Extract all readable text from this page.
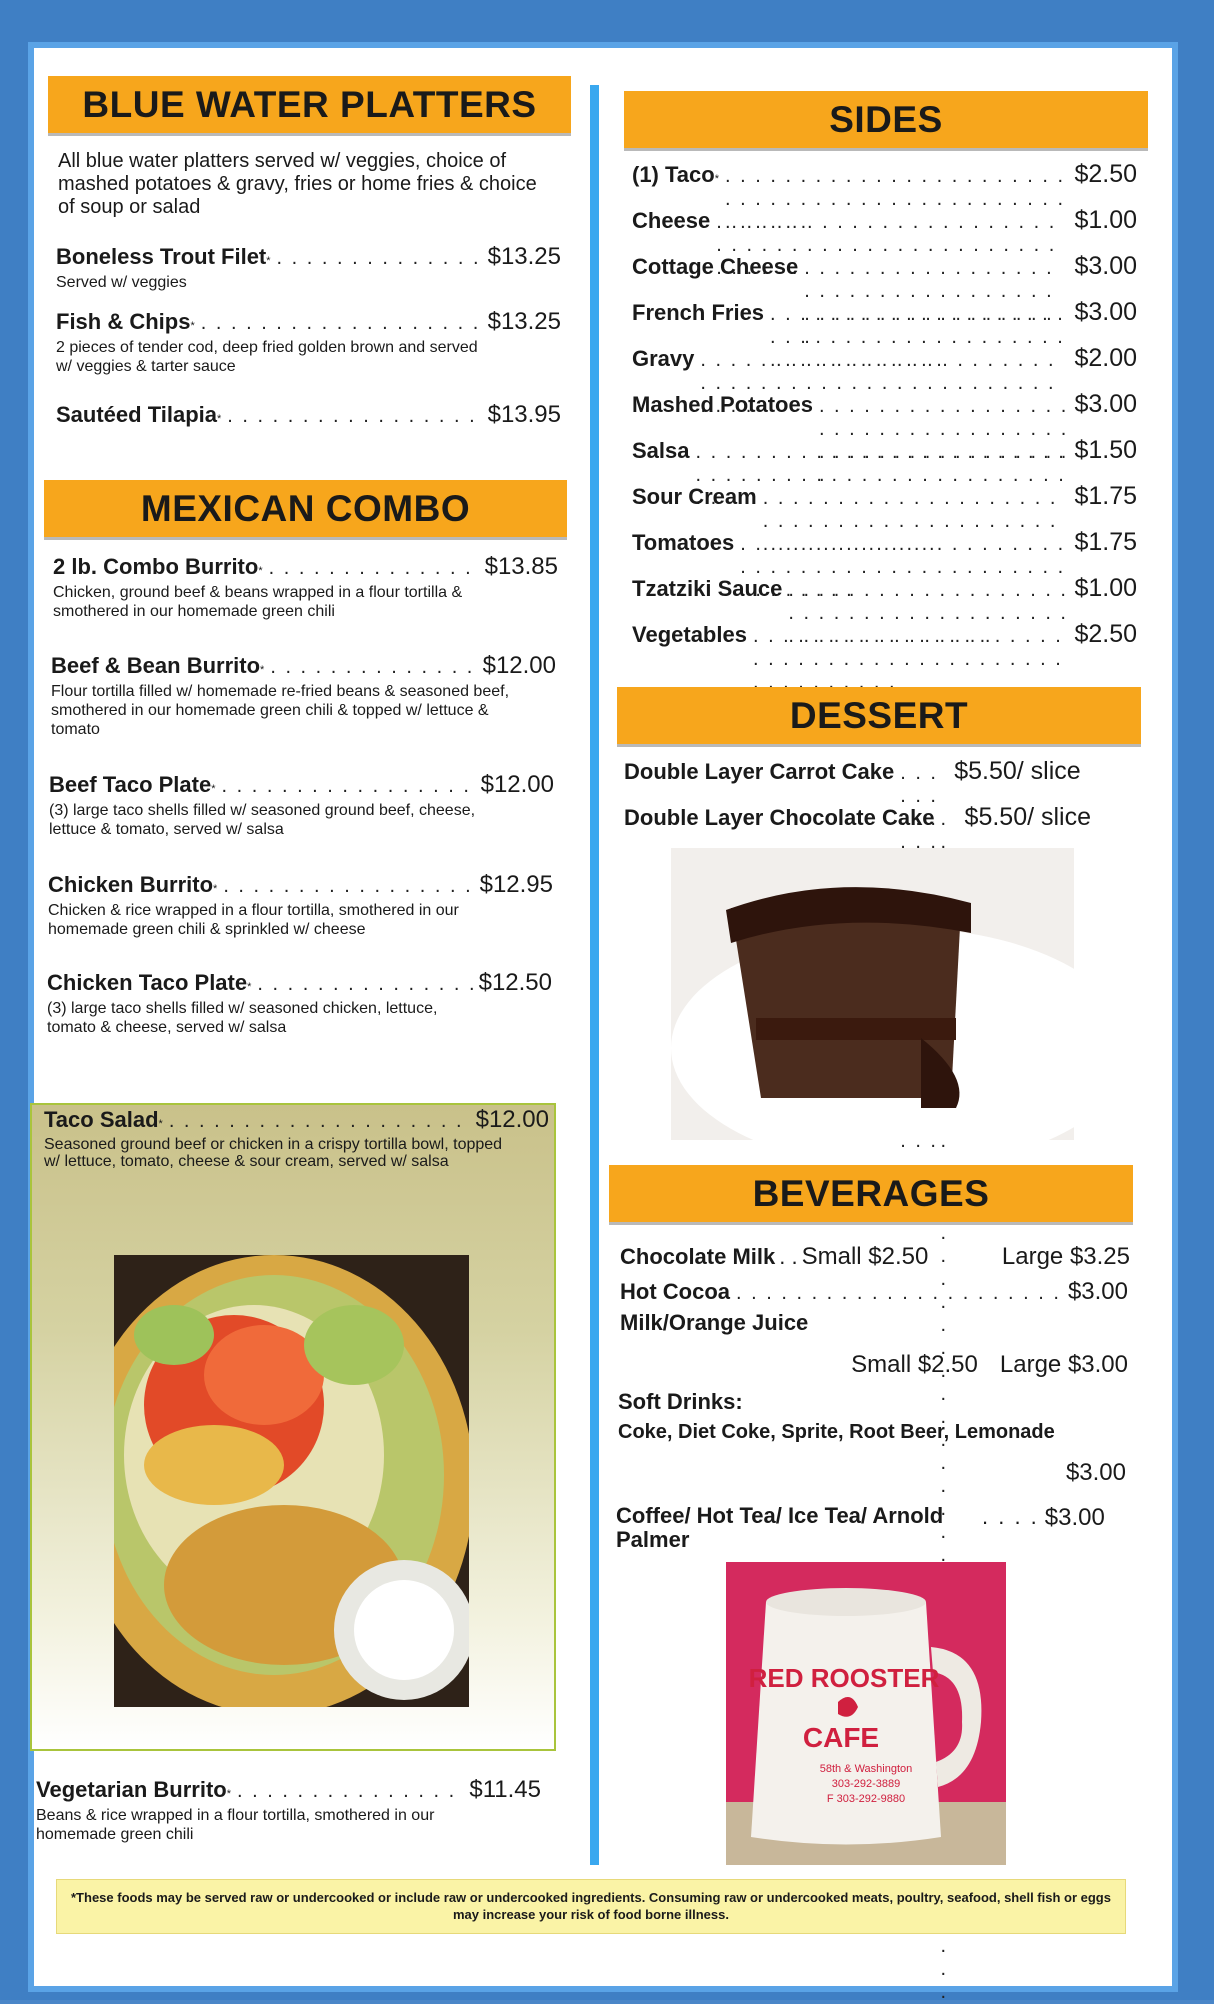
BLUE WATER PLATTERS
All blue water platters served w/ veggies, choice of mashed potatoes & gravy, fries or home fries & choice of soup or salad
Boneless Trout Filet * . . .	$13.25
Served w/ veggies
Fish & Chips * . . .	$13.25
2 pieces of tender cod, deep fried golden brown and served w/ veggies & tarter sauce
Sautéed Tilapia * . . .	$13.95
MEXICAN COMBO
2 lb. Combo Burrito * . . .	$13.85
Chicken, ground beef & beans wrapped in a flour tortilla & smothered in our homemade green chili
Beef & Bean Burrito * . . .	$12.00
Flour tortilla filled w/ homemade re-fried beans & seasoned beef, smothered in our homemade green chili & topped w/ lettuce & tomato
Beef Taco Plate * . . .	$12.00
(3) large taco shells filled w/ seasoned ground beef, cheese, lettuce & tomato, served w/ salsa
Chicken Burrito * . . .	$12.95
Chicken & rice wrapped in a flour tortilla, smothered in our homemade green chili & sprinkled w/ cheese
Chicken Taco Plate * . . .	$12.50
(3) large taco shells filled w/ seasoned chicken, lettuce, tomato & cheese, served w/ salsa
Taco Salad * . . .	$12.00
Seasoned ground beef or chicken in a crispy tortilla bowl, topped w/ lettuce, tomato, cheese & sour cream, served w/ salsa
Vegetarian Burrito * . . .	$11.45
Beans & rice wrapped in a flour tortilla, smothered in our homemade green chili
SIDES
(1) Taco * . . .	$2.50
Cheese . . .	$1.00
Cottage Cheese . . .	$3.00
French Fries . . .	$3.00
Gravy . . .	$2.00
Mashed Potatoes . . .	$3.00
Salsa . . .	$1.50
Sour Cream . . .	$1.75
Tomatoes . . .	$1.75
Tzatziki Sauce . . .	$1.00
Vegetables . . .	$2.50
DESSERT
Double Layer Carrot Cake . . . $5.50/ slice
Double Layer Chocolate Cake . . . $5.50/ slice
BEVERAGES
Chocolate Milk . . Small $2.50	Large $3.25
Hot Cocoa . . .	$3.00
Milk/Orange Juice
Small $2.50 Large $3.00
Soft Drinks:
Coke, Diet Coke, Sprite, Root Beer, Lemonade
$3.00
Coffee/ Hot Tea/ Ice Tea/ Arnold Palmer
. . . . $3.00
RED ROOSTER
CAFE
58th & Washington
303-292-3889
F 303-292-9880
*These foods may be served raw or undercooked or include raw or undercooked ingredients. Consuming raw or undercooked meats, poultry, seafood, shell fish or eggs may increase your risk of food borne illness.
